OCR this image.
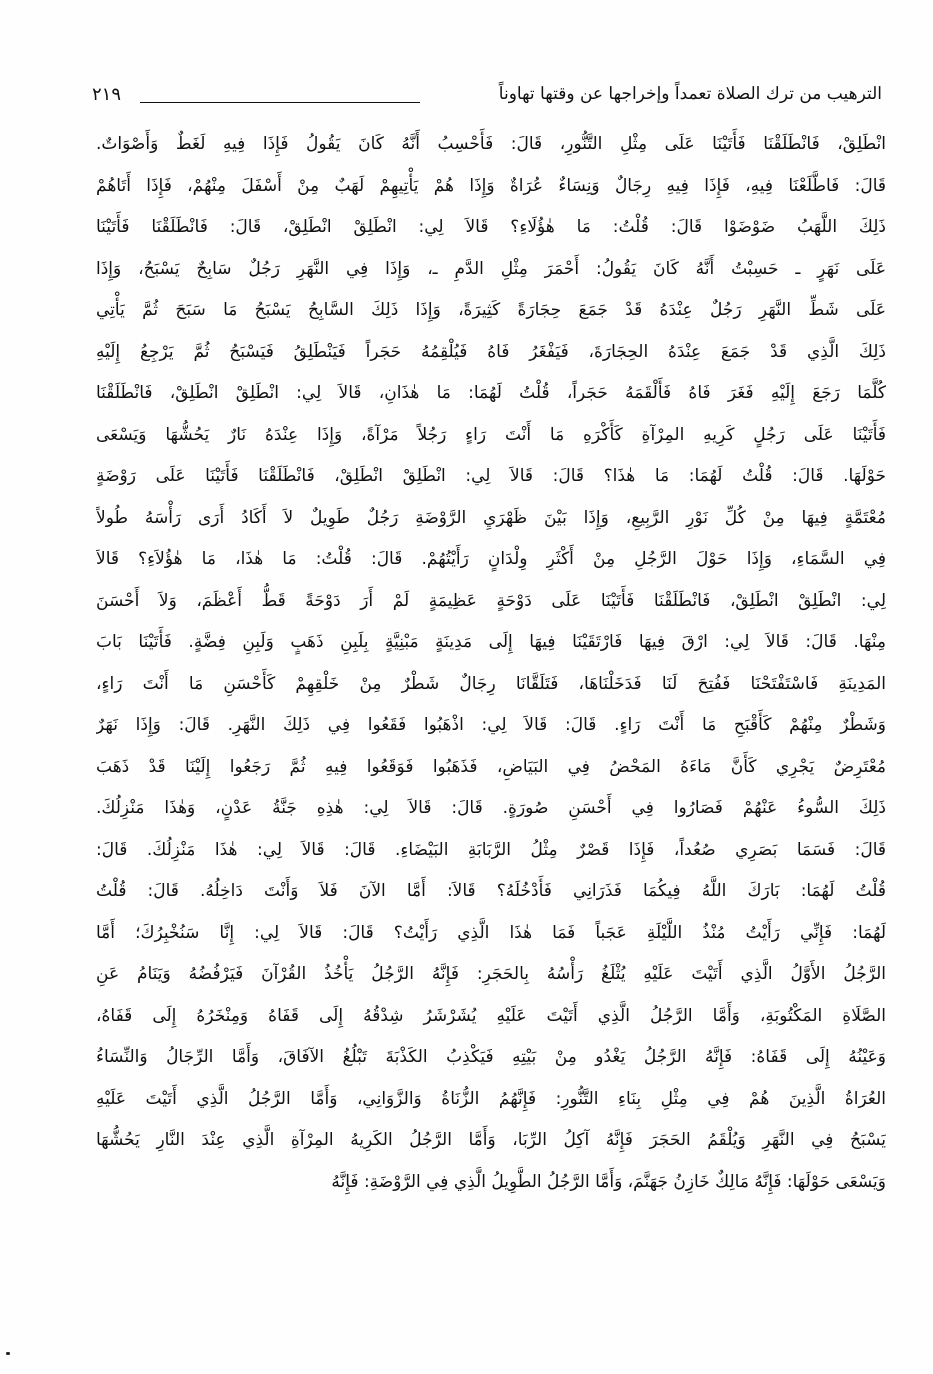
الترهيب من ترك الصلاة تعمداً وإخراجها عن وقتها تهاوناً
٢١٩
انْطَلِقْ، فَانْطَلَقْنَا فَأَتَيْنَا عَلَى مِثْلِ التَّنُّورِ، قَالَ: فَأَحْسِبُ أَنَّهُ كَانَ يَقُولُ فَإِذَا فِيهِ لَغَطٌ وَأَصْوَاتٌ.
قَالَ: فَاطَّلَعْنَا فِيهِ، فَإِذَا فِيهِ رِجَالٌ وَنِسَاءٌ عُرَاةٌ وَإِذَا هُمْ يَأْتِيهِمْ لَهَبٌ مِنْ أَسْفَلَ مِنْهُمْ، فَإِذَا أَتَاهُمْ
ذَلِكَ اللَّهَبُ ضَوْضَوْا قَالَ: قُلْتُ: مَا هٰؤُلَاءِ؟ قَالاَ لِي: انْطَلِقْ انْطَلِقْ، قَالَ: فَانْطَلَقْنَا فَأَتَيْنَا
عَلَى نَهَرٍ ـ حَسِبْتُ أَنَّهُ كَانَ يَقُولُ: أَحْمَرَ مِثْلِ الدَّمِ ـ، وَإِذَا فِي النَّهَرِ رَجُلٌ سَابِحٌ يَسْبَحُ، وَإِذَا
عَلَى شَطِّ النَّهَرِ رَجُلٌ عِنْدَهُ قَدْ جَمَعَ حِجَارَةً كَثِيرَةً، وَإِذَا ذَلِكَ السَّابِحُ يَسْبَحُ مَا سَبَحَ ثُمَّ يَأْتِي
ذَلِكَ الَّذِي قَدْ جَمَعَ عِنْدَهُ الحِجَارَةَ، فَيَفْغَرُ فَاهُ فَيُلْقِمُهُ حَجَراً فَيَنْطَلِقُ فَيَسْبَحُ ثُمَّ يَرْجِعُ إِلَيْهِ
كُلَّمَا رَجَعَ إِلَيْهِ فَغَرَ فَاهُ فَأَلْقَمَهُ حَجَراً، قُلْتُ لَهُمَا: مَا هٰذَانِ، قَالاَ لِي: انْطَلِقْ انْطَلِقْ، فَانْطَلَقْنَا
فَأَتَيْنَا عَلَى رَجُلٍ كَرِيهِ المِرْآةِ كَأَكْرَهِ مَا أَنْتَ رَاءٍ رَجُلاً مَرْآةً، وَإِذَا عِنْدَهُ نَارٌ يَحُشُّهَا وَيَسْعَى
حَوْلَهَا. قَالَ: قُلْتُ لَهُمَا: مَا هٰذَا؟ قَالَ: قَالاَ لِي: انْطَلِقْ انْطَلِقْ، فَانْطَلَقْنَا فَأَتَيْنَا عَلَى رَوْضَةٍ
مُعْتَمَّةٍ فِيهَا مِنْ كُلِّ نَوْرِ الرَّبِيعِ، وَإِذَا بَيْنَ ظَهْرَيِ الرَّوْضَةِ رَجُلٌ طَوِيلٌ لاَ أَكَادُ أَرَى رَأْسَهُ طُولاً
فِي السَّمَاءِ، وَإِذَا حَوْلَ الرَّجُلِ مِنْ أَكْثَرِ وِلْدَانٍ رَأَيْتُهُمْ. قَالَ: قُلْتُ: مَا هٰذَا، مَا هٰؤُلاَءِ؟ قَالاَ
لِي: انْطَلِقْ انْطَلِقْ، فَانْطَلَقْنَا فَأَتَيْنَا عَلَى دَوْحَةٍ عَظِيمَةٍ لَمْ أَرَ دَوْحَةً قَطُّ أَعْظَمَ، وَلاَ أَحْسَنَ
مِنْهَا. قَالَ: قَالاَ لِي: ارْقَ فِيهَا فَارْتَقَيْنَا فِيهَا إِلَى مَدِينَةٍ مَبْنِيَّةٍ بِلَبِنِ ذَهَبٍ وَلَبِنِ فِضَّةٍ. فَأَتَيْنَا بَابَ
المَدِينَةِ فَاسْتَفْتَحْنَا فَفُتِحَ لَنَا فَدَخَلْنَاهَا، فَتَلَقَّانَا رِجَالٌ شَطْرٌ مِنْ خَلْقِهِمْ كَأَحْسَنِ مَا أَنْتَ رَاءٍ،
وَشَطْرٌ مِنْهُمْ كَأَقْبَحِ مَا أَنْتَ رَاءٍ. قَالَ: قَالاَ لِي: اذْهَبُوا فَقَعُوا فِي ذَلِكَ النَّهَرِ. قَالَ: وَإِذَا نَهَرٌ
مُعْتَرِضٌ يَجْرِي كَأَنَّ مَاءَهُ المَحْضُ فِي البَيَاضِ، فَذَهَبُوا فَوَقَعُوا فِيهِ ثُمَّ رَجَعُوا إِلَيْنَا قَدْ ذَهَبَ
ذَلِكَ السُّوءُ عَنْهُمْ فَصَارُوا فِي أَحْسَنِ صُورَةٍ. قَالَ: قَالاَ لِي: هٰذِهِ جَنَّةُ عَدْنٍ، وَهٰذَا مَنْزِلُكَ.
قَالَ: فَسَمَا بَصَرِي صُعُداً، فَإِذَا قَصْرٌ مِثْلُ الرَّبَابَةِ البَيْضَاءِ. قَالَ: قَالاَ لِي: هٰذَا مَنْزِلُكَ. قَالَ:
قُلْتُ لَهُمَا: بَارَكَ اللَّهُ فِيكُمَا فَذَرَانِي فَأَدْخُلَهُ؟ قَالاَ: أَمَّا الآنَ فَلاَ وَأَنْتَ دَاخِلُهُ. قَالَ: قُلْتُ
لَهُمَا: فَإِنِّي رَأَيْتُ مُنْذُ اللَّيْلَةِ عَجَباً فَمَا هٰذَا الَّذِي رَأَيْتُ؟ قَالَ: قَالاَ لِي: إِنَّا سَنُخْبِرُكَ؛ أَمَّا
الرَّجُلُ الأَوَّلُ الَّذِي أَتَيْتَ عَلَيْهِ يُثْلَغُ رَأْسُهُ بِالحَجَرِ: فَإِنَّهُ الرَّجُلُ يَأْخُذُ القُرْآنَ فَيَرْفُضُهُ وَيَنَامُ عَنِ
الصَّلَاةِ المَكْتُوبَةِ، وَأَمَّا الرَّجُلُ الَّذِي أَتَيْتَ عَلَيْهِ يُشَرْشَرُ شِدْقُهُ إِلَى قَفَاهُ وَمِنْخَرُهُ إِلَى قَفَاهُ،
وَعَيْنُهُ إِلَى قَفَاهُ: فَإِنَّهُ الرَّجُلُ يَغْدُو مِنْ بَيْتِهِ فَيَكْذِبُ الكَذْبَةَ تَبْلُغُ الآفَاقَ، وَأَمَّا الرِّجَالُ وَالنِّسَاءُ
العُرَاةُ الَّذِينَ هُمْ فِي مِثْلِ بِنَاءِ التَّنُّورِ: فَإِنَّهُمُ الزُّنَاةُ وَالزَّوَانِي، وَأَمَّا الرَّجُلُ الَّذِي أَتَيْتَ عَلَيْهِ
يَسْبَحُ فِي النَّهَرِ وَيُلْقَمُ الحَجَرَ فَإِنَّهُ آكِلُ الرِّبَا، وَأَمَّا الرَّجُلُ الكَرِيهُ المِرْآةِ الَّذِي عِنْدَ النَّارِ يَحُشُّهَا
وَيَسْعَى حَوْلَهَا: فَإِنَّهُ مَالِكٌ خَازِنُ جَهَنَّمَ، وَأَمَّا الرَّجُلُ الطَّوِيلُ الَّذِي فِي الرَّوْضَةِ: فَإِنَّهُ
